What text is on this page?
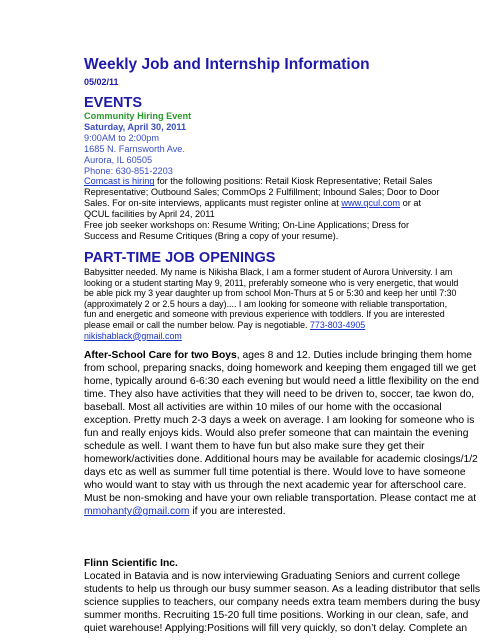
Weekly Job and Internship Information
05/02/11
EVENTS
Community Hiring Event
Saturday, April 30, 2011
9:00AM to 2:00pm
1685 N. Farnsworth Ave.
Aurora, IL 60505
Phone: 630-851-2203
Comcast is hiring for the following positions: Retail Kiosk Representative; Retail Sales
Representative; Outbound Sales; CommOps 2 Fulfillment; Inbound Sales; Door to Door
Sales. For on-site interviews, applicants must register online at www.qcul.com or at
QCUL facilities by April 24, 2011
Free job seeker workshops on: Resume Writing; On-Line Applications; Dress for
Success and Resume Critiques (Bring a copy of your resume).
PART-TIME JOB OPENINGS
Babysitter needed. My name is Nikisha Black, I am a former student of Aurora University. I am
looking or a student starting May 9, 2011, preferably someone who is very energetic, that would
be able pick my 3 year daughter up from school Mon-Thurs at 5 or 5:30 and keep her until 7:30
(approximately 2 or 2.5 hours a day).... I am looking for someone with reliable transportation,
fun and energetic and someone with previous experience with toddlers. If you are interested
please email or call the number below. Pay is negotiable. 773-803-4905
nikishablack@gmail.com
After-School Care for two Boys, ages 8 and 12. Duties include bringing them home
from school, preparing snacks, doing homework and keeping them engaged till we get
home, typically around 6-6:30 each evening but would need a little flexibility on the end
time. They also have activities that they will need to be driven to, soccer, tae kwon do,
baseball. Most all activities are within 10 miles of our home with the occasional
exception. Pretty much 2-3 days a week on average. I am looking for someone who is
fun and really enjoys kids. Would also prefer someone that can maintain the evening
schedule as well. I want them to have fun but also make sure they get their
homework/activities done. Additional hours may be available for academic closings/1/2
days etc as well as summer full time potential is there. Would love to have someone
who would want to stay with us through the next academic year for afterschool care.
Must be non-smoking and have your own reliable transportation. Please contact me at
mmohanty@gmail.com if you are interested.
Flinn Scientific Inc.
Located in Batavia and is now interviewing Graduating Seniors and current college
students to help us through our busy summer season. As a leading distributor that sells
science supplies to teachers, our company needs extra team members during the busy
summer months. Recruiting 15-20 full time positions. Working in our clean, safe, and
quiet warehouse! Applying:Positions will fill very quickly, so don’t delay. Complete an
